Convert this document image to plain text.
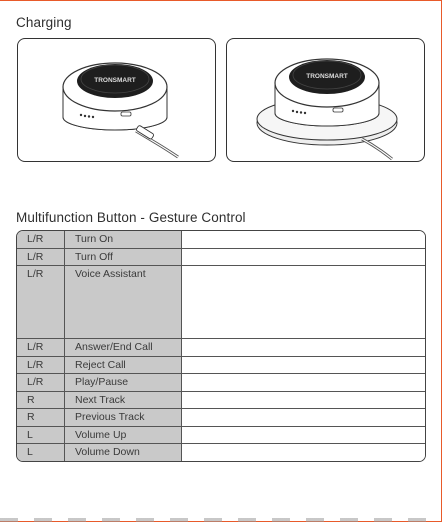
Charging
TRONSMART
TRONSMART
Multifunction Button - Gesture Control
L/R	Turn On	
L/R	Turn Off	
L/R	Voice Assistant	
L/R	Answer/End Call	
L/R	Reject Call	
L/R	Play/Pause	
R	Next Track	
R	Previous Track	
L	Volume Up	
L	Volume Down	
